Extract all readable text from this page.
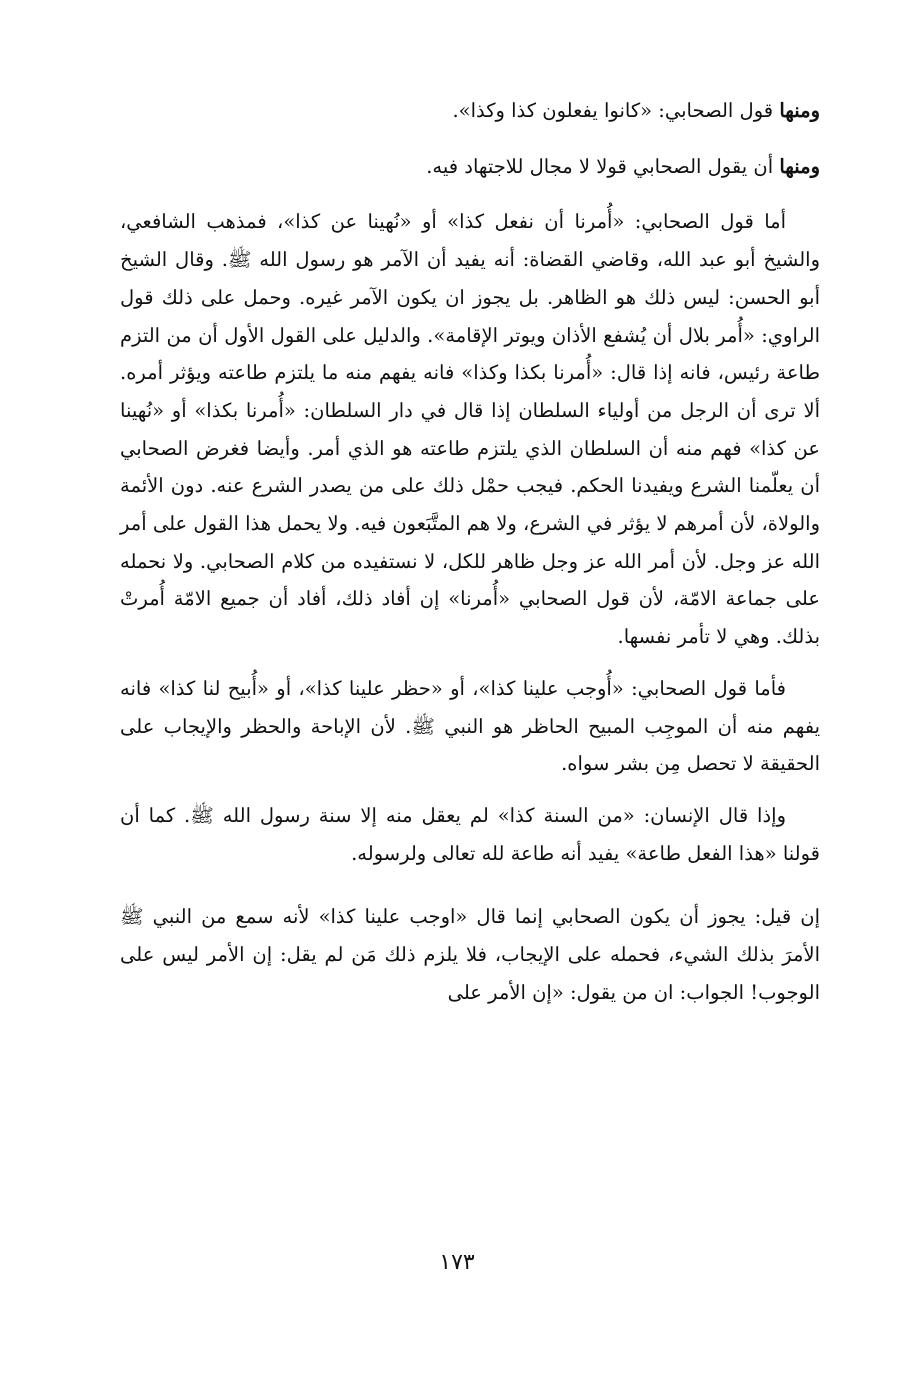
ومنها قول الصحابي: «كانوا يفعلون كذا وكذا».

ومنها أن يقول الصحابي قولا لا مجال للاجتهاد فيه.

أما قول الصحابي: «أُمرنا أن نفعل كذا» أو «نُهينا عن كذا»، فمذهب الشافعي، والشيخ أبو عبد الله، وقاضي القضاة: أنه يفيد أن الآمر هو رسول الله ﷺ. وقال الشيخ أبو الحسن: ليس ذلك هو الظاهر. بل يجوز ان يكون الآمر غيره. وحمل على ذلك قول الراوي: «أُمر بلال أن يُشفع الأذان ويوتر الإقامة». والدليل على القول الأول أن من التزم طاعة رئيس، فانه إذا قال: «أُمرنا بكذا وكذا» فانه يفهم منه ما يلتزم طاعته ويؤثر أمره. ألا ترى أن الرجل من أولياء السلطان إذا قال في دار السلطان: «أُمرنا بكذا» أو «نُهينا عن كذا» فهم منه أن السلطان الذي يلتزم طاعته هو الذي أمر. وأيضا فغرض الصحابي أن يعلّمنا الشرع ويفيدنا الحكم. فيجب حمْل ذلك على من يصدر الشرع عنه. دون الأئمة والولاة، لأن أمرهم لا يؤثر في الشرع، ولا هم المتَّبَعون فيه. ولا يحمل هذا القول على أمر الله عز وجل. لأن أمر الله عز وجل ظاهر للكل، لا نستفيده من كلام الصحابي. ولا نحمله على جماعة الامّة، لأن قول الصحابي «أُمرنا» إن أفاد ذلك، أفاد أن جميع الامّة أُمرتْ بذلك. وهي لا تأمر نفسها.

فأما قول الصحابي: «أُوجب علينا كذا»، أو «حظر علينا كذا»، أو «أُبيح لنا كذا» فانه يفهم منه أن الموجِب المبيح الحاظر هو النبي ﷺ. لأن الإباحة والحظر والإيجاب على الحقيقة لا تحصل مِن بشر سواه.

وإذا قال الإنسان: «من السنة كذا» لم يعقل منه إلا سنة رسول الله ﷺ. كما أن قولنا «هذا الفعل طاعة» يفيد أنه طاعة لله تعالى ولرسوله.

إن قيل: يجوز أن يكون الصحابي إنما قال «اوجب علينا كذا» لأنه سمع من النبي ﷺ الأمرَ بذلك الشيء، فحمله على الإيجاب، فلا يلزم ذلك مَن لم يقل: إن الأمر ليس على الوجوب! الجواب: ان من يقول: «إن الأمر على

١٧٣
